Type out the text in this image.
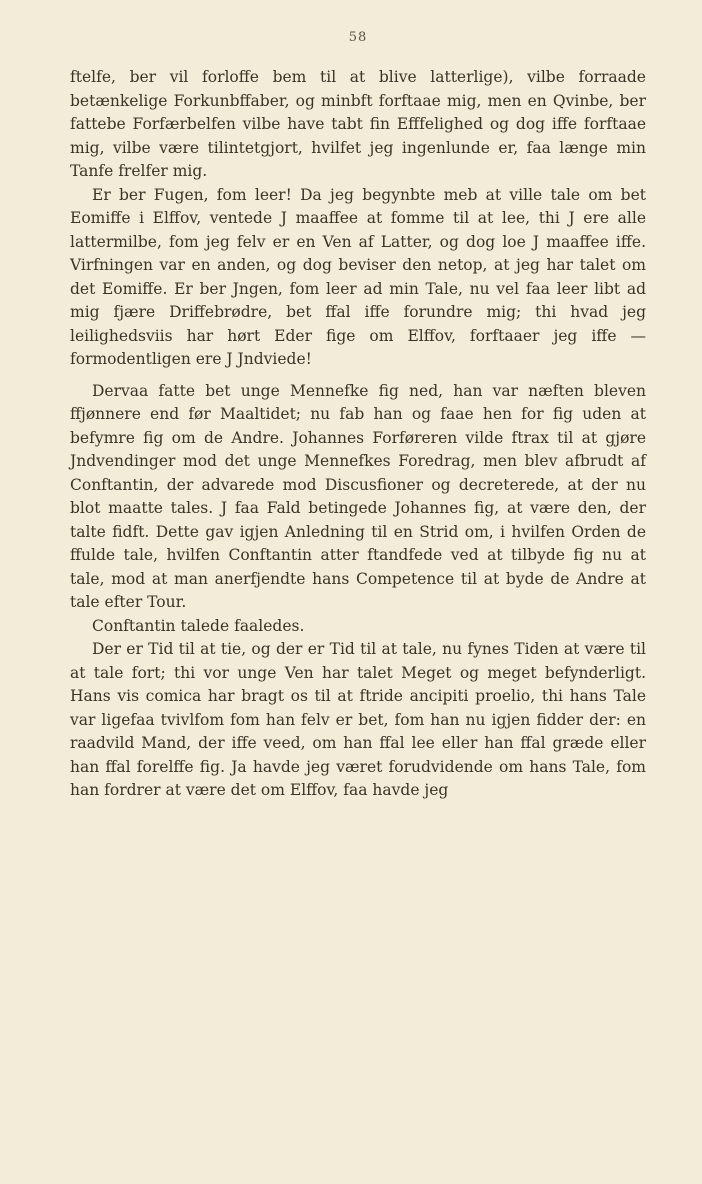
58

ftelfe, ber vil forloffe bem til at blive latterlige), vilbe forraade betænkelige Forkunbffaber, og minbft forftaae mig, men en Qvinbe, ber fattebe Forfærbelfen vilbe have tabt fin Efffelighed og dog iffe forftaae mig, vilbe være tilintetgjort, hvilfet jeg ingenlunde er, faa længe min Tanfe frelfer mig.

Er ber Fugen, fom leer! Da jeg begynbte meb at ville tale om bet Eomiffe i Elffov, ventede J maaffee at fomme til at lee, thi J ere alle lattermilbe, fom jeg felv er en Ven af Latter, og dog loe J maaffee iffe. Virfningen var en anden, og dog beviser den netop, at jeg har talet om det Eomiffe. Er ber Jngen, fom leer ad min Tale, nu vel faa leer libt ad mig fjære Driffebrødre, bet ffal iffe forundre mig; thi hvad jeg leilighedsviis har hørt Eder fige om Elffov, forftaaer jeg iffe — formodentligen ere J Jndviede!

Dervaa fatte bet unge Mennefke fig ned, han var næften bleven ffjønnere end før Maaltidet; nu fab han og faae hen for fig uden at befymre fig om de Andre. Johannes Forføreren vilde ftrax til at gjøre Jndvendinger mod det unge Mennefkes Foredrag, men blev afbrudt af Conftantin, der advarede mod Discusfioner og decreterede, at der nu blot maatte tales. J faa Fald betingede Johannes fig, at være den, der talte fidft. Dette gav igjen Anledning til en Strid om, i hvilfen Orden de ffulde tale, hvilfen Conftantin atter ftandfede ved at tilbyde fig nu at tale, mod at man anerfjendte hans Competence til at byde de Andre at tale efter Tour.

Conftantin talede faaledes.

Der er Tid til at tie, og der er Tid til at tale, nu fynes Tiden at være til at tale fort; thi vor unge Ven har talet Meget og meget befynderligt. Hans vis comica har bragt os til at ftride ancipiti proelio, thi hans Tale var ligefaa tvivlfom fom han felv er bet, fom han nu igjen fidder der: en raadvild Mand, der iffe veed, om han ffal lee eller han ffal græde eller han ffal forelffe fig. Ja havde jeg været forudvidende om hans Tale, fom han fordrer at være det om Elffov, faa havde jeg
